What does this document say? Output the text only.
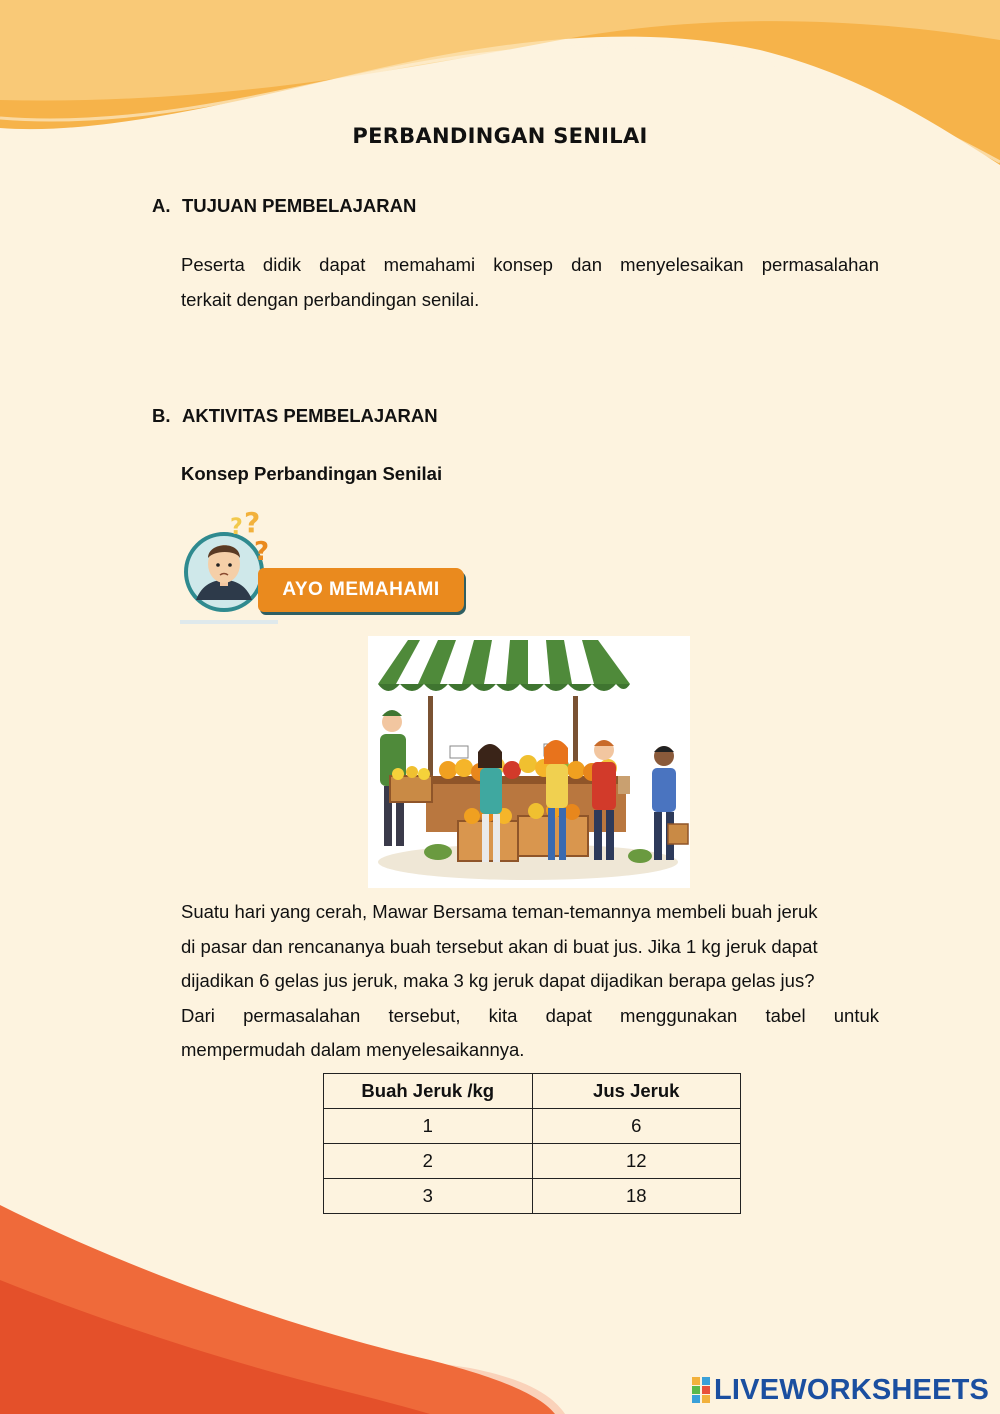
PERBANDINGAN SENILAI
A. TUJUAN PEMBELAJARAN
Peserta didik dapat memahami konsep dan menyelesaikan permasalahan
terkait dengan perbandingan senilai.
B. AKTIVITAS PEMBELAJARAN
Konsep Perbandingan Senilai
? ?
?
AYO MEMAHAMI
Suatu hari yang cerah, Mawar Bersama teman-temannya membeli buah jeruk
di pasar dan rencananya buah tersebut akan di buat jus. Jika 1 kg jeruk dapat
dijadikan 6 gelas jus jeruk, maka 3 kg jeruk dapat dijadikan berapa gelas jus?
Dari permasalahan tersebut, kita dapat menggunakan tabel untuk
mempermudah dalam menyelesaikannya.
Buah Jeruk /kg	Jus Jeruk
1	6
2	12
3	18
LIVEWORKSHEETS
